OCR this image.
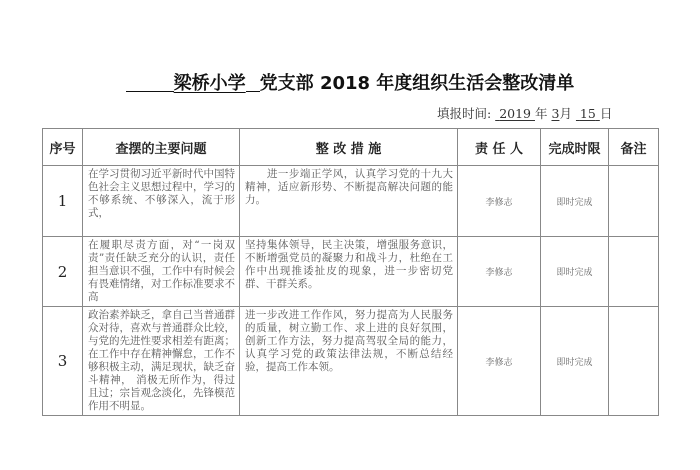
梁桥小学 党支部 2018 年度组织生活会整改清单
填报时间: 2019 年 3月 15 日
序号	查摆的主要问题	整 改 措 施	责 任 人	完成时限	备注
1	在学习贯彻习近平新时代中国特色社会主义思想过程中，学习的不够系统、不够深入，流于形式，	　　进一步端正学风，认真学习党的十九大精神，适应新形势、不断提高解决问题的能力。	李修志	即时完成	
2	在履职尽责方面，对“一岗双责”责任缺乏充分的认识，责任担当意识不强，工作中有时候会有畏难情绪，对工作标准要求不高	坚持集体领导，民主决策，增强服务意识，不断增强党员的凝聚力和战斗力，杜绝在工作中出现推诿扯皮的现象，进一步密切党群、干群关系。	李修志	即时完成	
3	政治素养缺乏，拿自己当普通群众对待，喜欢与普通群众比较，与党的先进性要求相差有距离；在工作中存在精神懈怠，工作不够积极主动，满足现状，缺乏奋斗精神， 消极无所作为，得过且过；宗旨观念淡化，先锋模范作用不明显。	进一步改进工作作风，努力提高为人民服务的质量，树立勤工作、求上进的良好氛围，创新工作方法，努力提高驾驭全局的能力，认真学习党的政策法律法规，不断总结经验，提高工作本领。	李修志	即时完成	
